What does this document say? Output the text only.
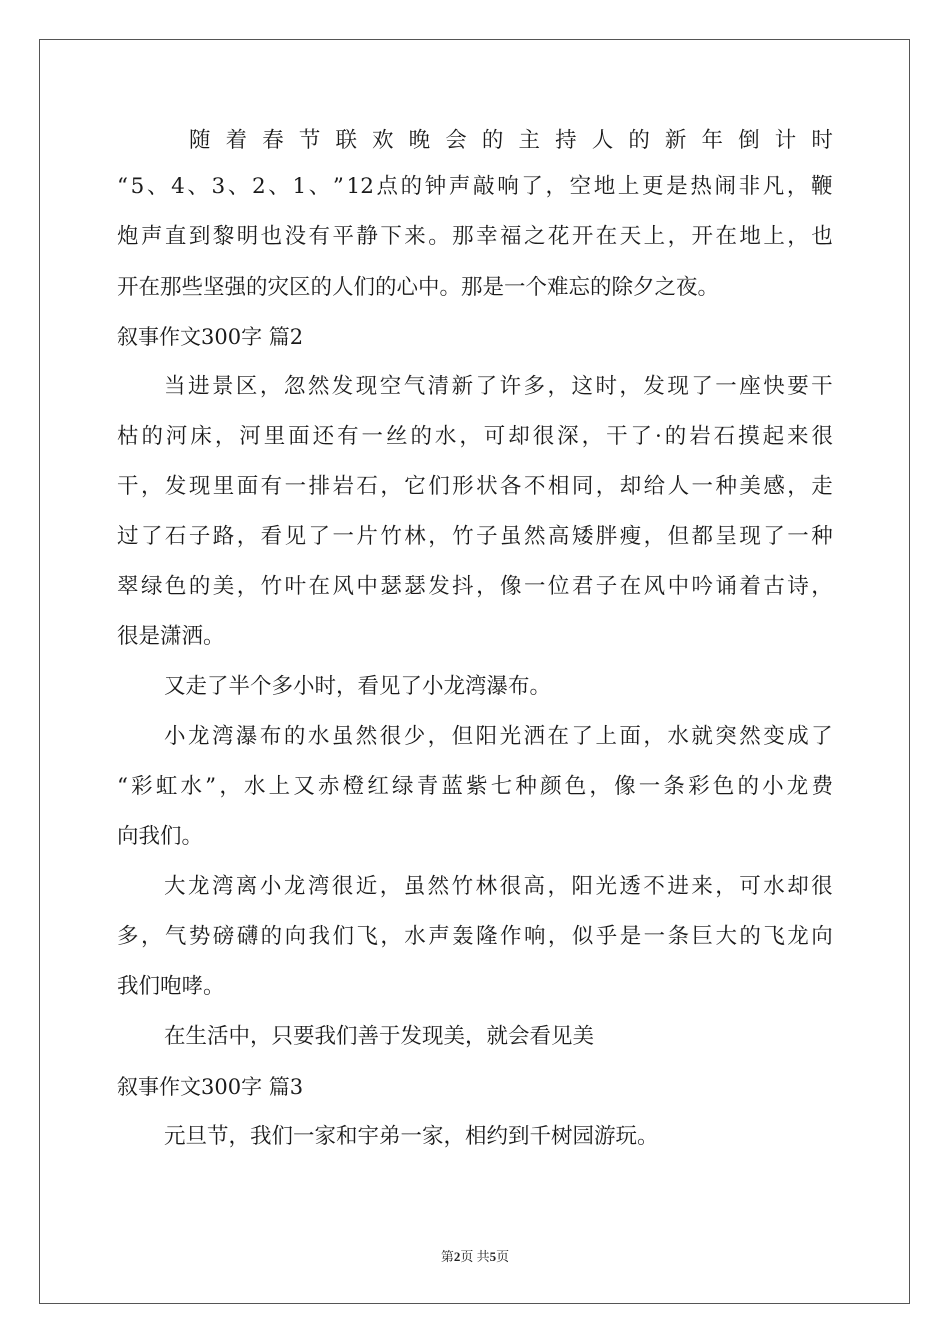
随 着 春 节 联 欢 晚 会 的 主 持 人 的 新 年 倒 计 时
“ 5 、 4 、 3 、 2 、 1 、 ” 12 点 的 钟 声 敲 响 了 ， 空 地 上 更 是 热 闹 非 凡 ， 鞭
炮 声 直 到 黎 明 也 没 有 平 静 下 来 。 那 幸 福 之 花 开 在 天 上 ， 开 在 地 上 ， 也
开在那些坚强的灾区的人们的心中。那是一个难忘的除夕之夜。
叙事作文300字 篇2
当 进 景 区 ， 忽 然 发 现 空 气 清 新 了 许 多 ， 这 时 ， 发 现 了 一 座 快 要 干
枯 的 河 床 ， 河 里 面 还 有 一 丝 的 水 ， 可 却 很 深 ， 干 了 · 的 岩 石 摸 起 来 很
干 ， 发 现 里 面 有 一 排 岩 石 ， 它 们 形 状 各 不 相 同 ， 却 给 人 一 种 美 感 ， 走
过 了 石 子 路 ， 看 见 了 一 片 竹 林 ， 竹 子 虽 然 高 矮 胖 瘦 ， 但 都 呈 现 了 一 种
翠 绿 色 的 美 ， 竹 叶 在 风 中 瑟 瑟 发 抖 ， 像 一 位 君 子 在 风 中 吟 诵 着 古 诗 ，
很是潇洒。
又走了半个多小时，看见了小龙湾瀑布。
小 龙 湾 瀑 布 的 水 虽 然 很 少 ， 但 阳 光 洒 在 了 上 面 ， 水 就 突 然 变 成 了
“ 彩 虹 水 ” ， 水 上 又 赤 橙 红 绿 青 蓝 紫 七 种 颜 色 ， 像 一 条 彩 色 的 小 龙 费
向我们。
大 龙 湾 离 小 龙 湾 很 近 ， 虽 然 竹 林 很 高 ， 阳 光 透 不 进 来 ， 可 水 却 很
多 ， 气 势 磅 礴 的 向 我 们 飞 ， 水 声 轰 隆 作 响 ， 似 乎 是 一 条 巨 大 的 飞 龙 向
我们咆哮。
在生活中，只要我们善于发现美，就会看见美
叙事作文300字 篇3
元旦节，我们一家和宇弟一家，相约到千树园游玩。
第2页 共5页
